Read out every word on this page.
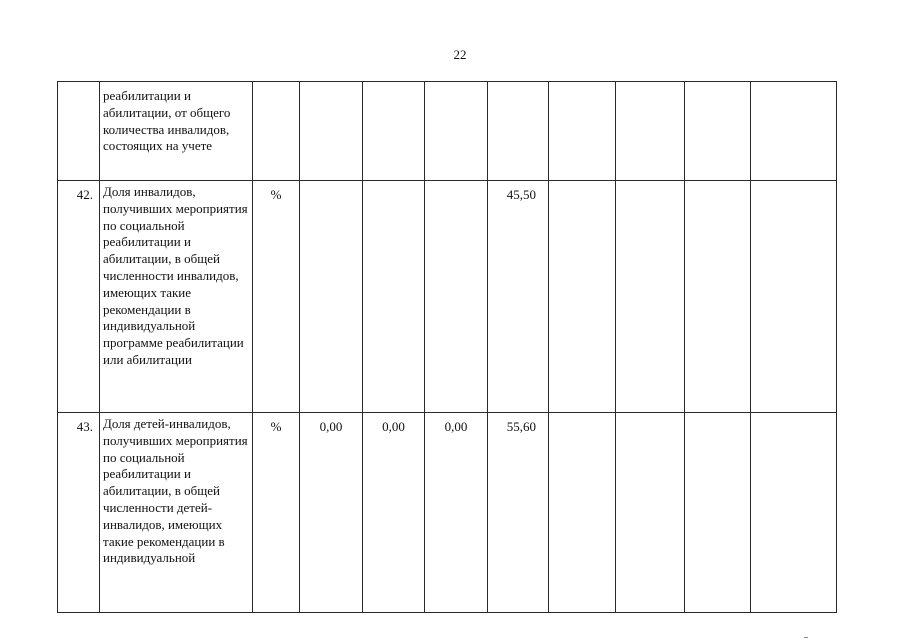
22
	реабилитации и абилитации, от общего количества инвалидов, состоящих на учете									
42.	Доля инвалидов, получивших мероприятия по социальной реабилитации и абилитации, в общей численности инвалидов, имеющих такие рекомендации в индивидуальной программе реабилитации или абилитации	%				45,50				
43.	Доля детей-инвалидов, получивших мероприятия по социальной реабилитации и абилитации, в общей численности детей-инвалидов, имеющих такие рекомендации в индивидуальной	%	0,00	0,00	0,00	55,60				
